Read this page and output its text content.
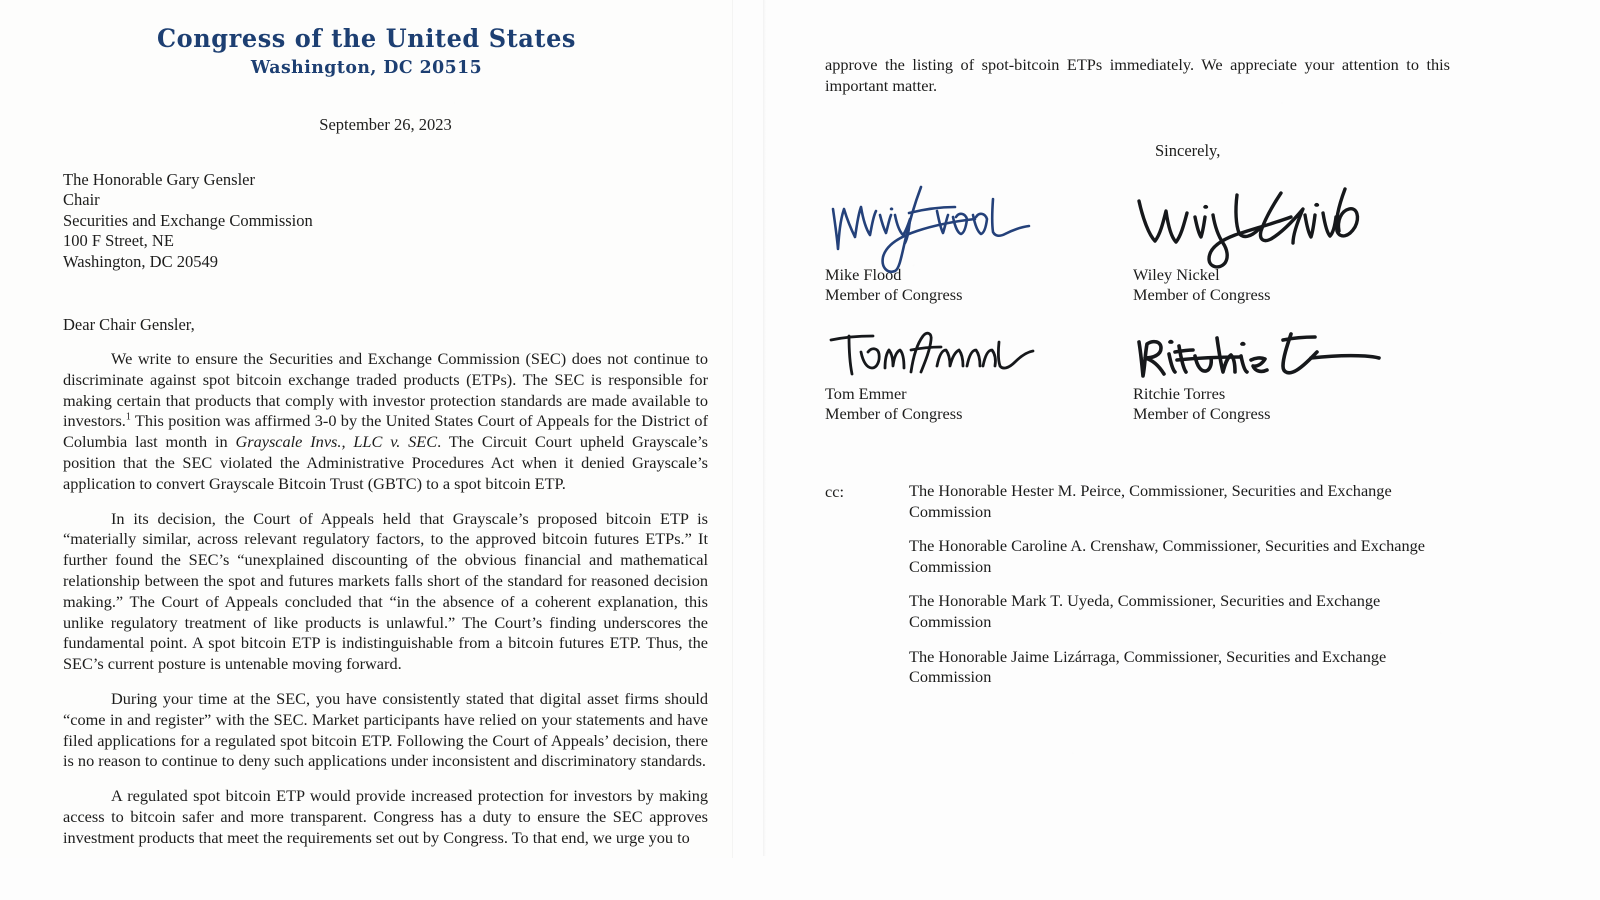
Congress of the United States
Washington, DC 20515
September 26, 2023
The Honorable Gary Gensler
Chair
Securities and Exchange Commission
100 F Street, NE
Washington, DC 20549
Dear Chair Gensler,
We write to ensure the Securities and Exchange Commission (SEC) does not continue to discriminate against spot bitcoin exchange traded products (ETPs). The SEC is responsible for making certain that products that comply with investor protection standards are made available to investors.$^1$ This position was affirmed 3-0 by the United States Court of Appeals for the District of Columbia last month in Grayscale Invs., LLC v. SEC. The Circuit Court upheld Grayscale’s position that the SEC violated the Administrative Procedures Act when it denied Grayscale’s application to convert Grayscale Bitcoin Trust (GBTC) to a spot bitcoin ETP.
In its decision, the Court of Appeals held that Grayscale’s proposed bitcoin ETP is “materially similar, across relevant regulatory factors, to the approved bitcoin futures ETPs.” It further found the SEC’s “unexplained discounting of the obvious financial and mathematical relationship between the spot and futures markets falls short of the standard for reasoned decision making.” The Court of Appeals concluded that “in the absence of a coherent explanation, this unlike regulatory treatment of like products is unlawful.” The Court’s finding underscores the fundamental point. A spot bitcoin ETP is indistinguishable from a bitcoin futures ETP. Thus, the SEC’s current posture is untenable moving forward.
During your time at the SEC, you have consistently stated that digital asset firms should “come in and register” with the SEC. Market participants have relied on your statements and have filed applications for a regulated spot bitcoin ETP. Following the Court of Appeals’ decision, there is no reason to continue to deny such applications under inconsistent and discriminatory standards.
A regulated spot bitcoin ETP would provide increased protection for investors by making access to bitcoin safer and more transparent. Congress has a duty to ensure the SEC approves investment products that meet the requirements set out by Congress. To that end, we urge you to
approve the listing of spot-bitcoin ETPs immediately. We appreciate your attention to this important matter.
Sincerely,
Mike Flood
Member of Congress
Wiley Nickel
Member of Congress
Tom Emmer
Member of Congress
Ritchie Torres
Member of Congress
cc:	The Honorable Hester M. Peirce, Commissioner, Securities and Exchange Commission
The Honorable Caroline A. Crenshaw, Commissioner, Securities and Exchange Commission
The Honorable Mark T. Uyeda, Commissioner, Securities and Exchange Commission
The Honorable Jaime Lizárraga, Commissioner, Securities and Exchange Commission
